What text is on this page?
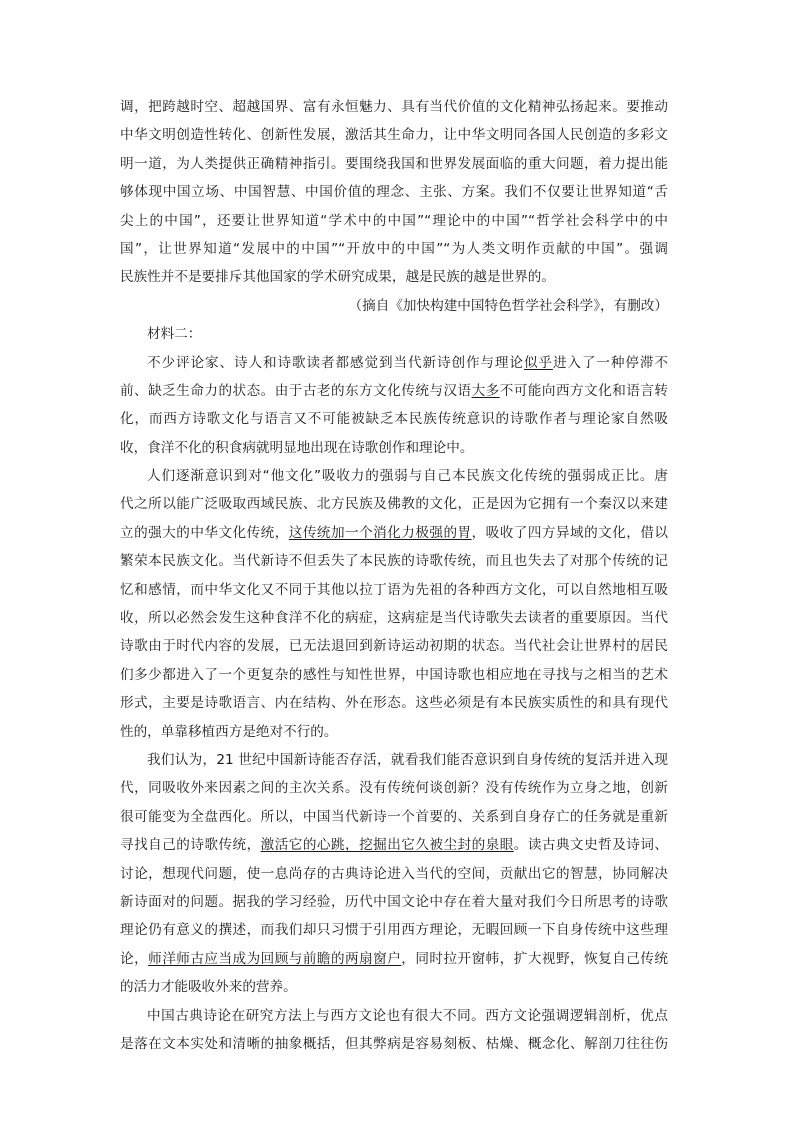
调，把跨越时空、超越国界、富有永恒魅力、具有当代价值的文化精神弘扬起来。要推动
中华文明创造性转化、创新性发展，激活其生命力，让中华文明同各国人民创造的多彩文
明一道，为人类提供正确精神指引。要围绕我国和世界发展面临的重大问题，着力提出能
够体现中国立场、中国智慧、中国价值的理念、主张、方案。我们不仅要让世界知道“舌
尖上的中国”，还要让世界知道“学术中的中国”“理论中的中国”“哲学社会科学中的中
国”，让世界知道“发展中的中国”“开放中的中国”“为人类文明作贡献的中国”。强调
民族性并不是要排斥其他国家的学术研究成果，越是民族的越是世界的。
（摘自《加快构建中国特色哲学社会科学》，有删改）
材料二：
不少评论家、诗人和诗歌读者都感觉到当代新诗创作与理论似乎进入了一种停滞不
前、缺乏生命力的状态。由于古老的东方文化传统与汉语大多不可能向西方文化和语言转
化，而西方诗歌文化与语言又不可能被缺乏本民族传统意识的诗歌作者与理论家自然吸
收，食洋不化的积食病就明显地出现在诗歌创作和理论中。
人们逐渐意识到对“他文化”吸收力的强弱与自己本民族文化传统的强弱成正比。唐
代之所以能广泛吸取西域民族、北方民族及佛教的文化，正是因为它拥有一个秦汉以来建
立的强大的中华文化传统，这传统加一个消化力极强的胃，吸收了四方异域的文化，借以
繁荣本民族文化。当代新诗不但丢失了本民族的诗歌传统，而且也失去了对那个传统的记
忆和感情，而中华文化又不同于其他以拉丁语为先祖的各种西方文化，可以自然地相互吸
收，所以必然会发生这种食洋不化的病症，这病症是当代诗歌失去读者的重要原因。当代
诗歌由于时代内容的发展，已无法退回到新诗运动初期的状态。当代社会让世界村的居民
们多少都进入了一个更复杂的感性与知性世界，中国诗歌也相应地在寻找与之相当的艺术
形式，主要是诗歌语言、内在结构、外在形态。这些必须是有本民族实质性的和具有现代
性的，单靠移植西方是绝对不行的。
我们认为，21 世纪中国新诗能否存活，就看我们能否意识到自身传统的复活并进入现
代，同吸收外来因素之间的主次关系。没有传统何谈创新？没有传统作为立身之地，创新
很可能变为全盘西化。所以，中国当代新诗一个首要的、关系到自身存亡的任务就是重新
寻找自己的诗歌传统，激活它的心跳，挖掘出它久被尘封的泉眼。读古典文史哲及诗词、
讨论，想现代问题，使一息尚存的古典诗论进入当代的空间，贡献出它的智慧，协同解决
新诗面对的问题。据我的学习经验，历代中国文论中存在着大量对我们今日所思考的诗歌
理论仍有意义的撰述，而我们却只习惯于引用西方理论，无暇回顾一下自身传统中这些理
论，师洋师古应当成为回顾与前瞻的两扇窗户，同时拉开窗帏，扩大视野，恢复自己传统
的活力才能吸收外来的营养。
中国古典诗论在研究方法上与西方文论也有很大不同。西方文论强调逻辑剖析，优点
是落在文本实处和清晰的抽象概括，但其弊病是容易刻板、枯燥、概念化、解剖刀往往伤
